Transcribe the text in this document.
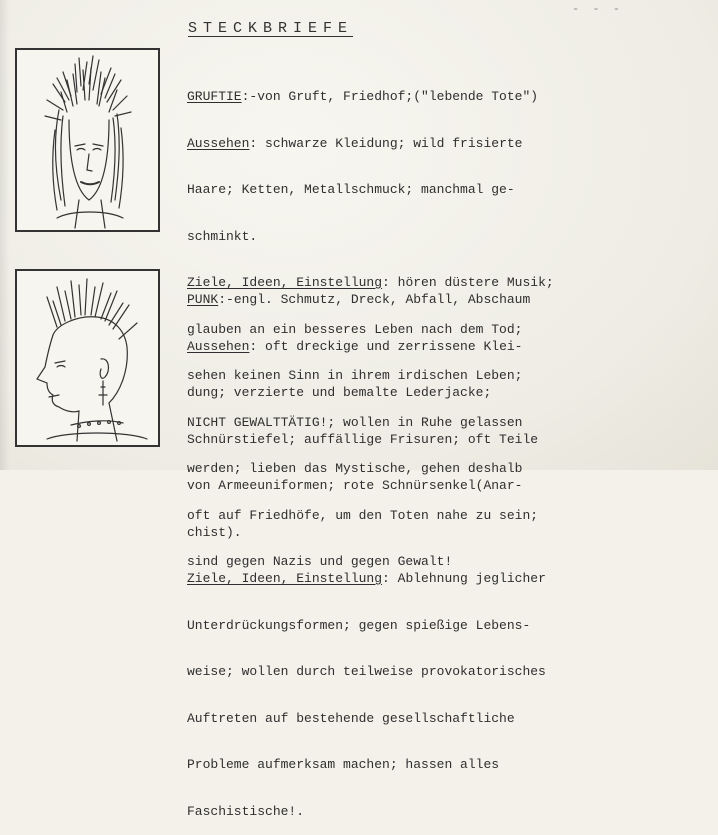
- - -
STECKBRIEFE

GRUFTIE:-von Gruft, Friedhof;("lebende Tote")

Aussehen: schwarze Kleidung; wild frisierte

Haare; Ketten, Metallschmuck; manchmal ge-

schminkt.

Ziele, Ideen, Einstellung: hören düstere Musik;

glauben an ein besseres Leben nach dem Tod;

sehen keinen Sinn in ihrem irdischen Leben;

NICHT GEWALTTÄTIG!; wollen in Ruhe gelassen

werden; lieben das Mystische, gehen deshalb

oft auf Friedhöfe, um den Toten nahe zu sein;

sind gegen Nazis und gegen Gewalt!

PUNK:-engl. Schmutz, Dreck, Abfall, Abschaum

Aussehen: oft dreckige und zerrissene Klei-

dung; verzierte und bemalte Lederjacke;

Schnürstiefel; auffällige Frisuren; oft Teile

von Armeeuniformen; rote Schnürsenkel(Anar-

chist).

Ziele, Ideen, Einstellung: Ablehnung jeglicher

Unterdrückungsformen; gegen spießige Lebens-

weise; wollen durch teilweise provokatorisches

Auftreten auf bestehende gesellschaftliche

Probleme aufmerksam machen; hassen alles

Faschistische!.
